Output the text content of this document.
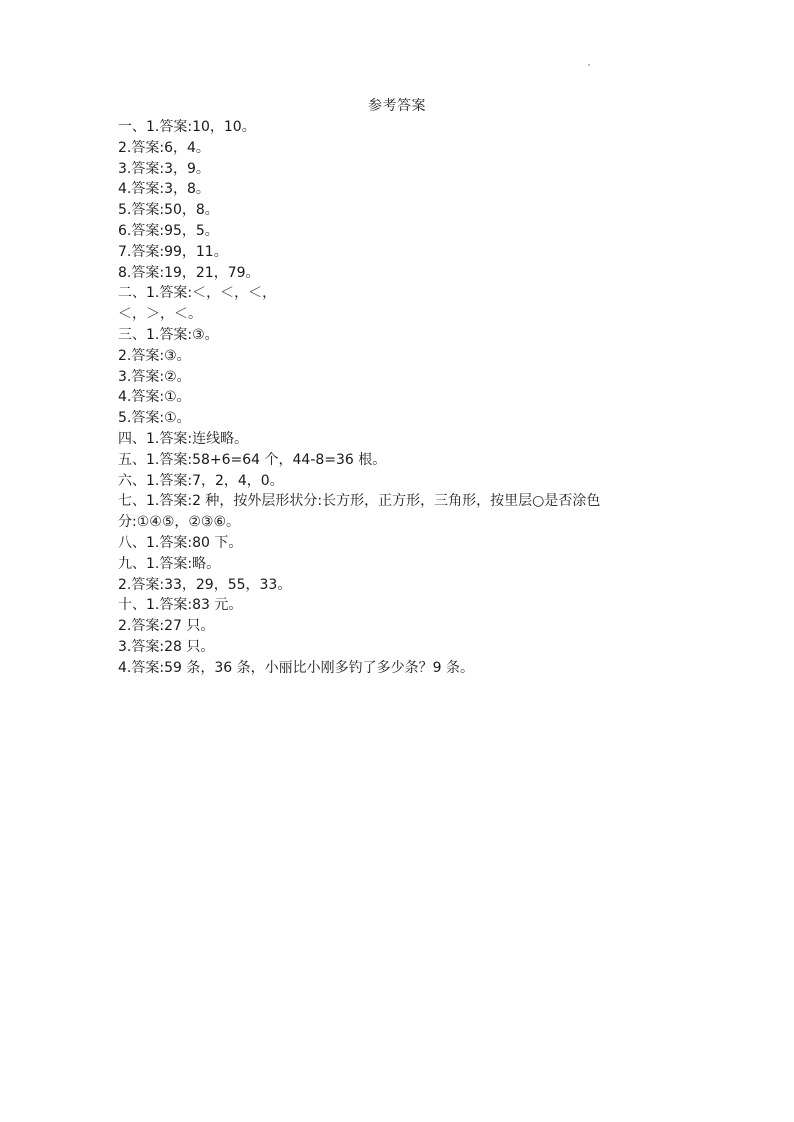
参考答案
一、1.答案:10，10。
2.答案:6，4。
3.答案:3，9。
4.答案:3，8。
5.答案:50，8。
6.答案:95，5。
7.答案:99，11。
8.答案:19，21，79。
二、1.答案:＜，＜，＜，
＜，＞，＜。
三、1.答案:③。
2.答案:③。
3.答案:②。
4.答案:①。
5.答案:①。
四、1.答案:连线略。
五、1.答案:58+6=64 个，44-8=36 根。
六、1.答案:7，2，4，0。
七、1.答案:2 种，按外层形状分:长方形，正方形，三角形，按里层○是否涂色
分:①④⑤，②③⑥。
八、1.答案:80 下。
九、1.答案:略。
2.答案:33，29，55，33。
十、1.答案:83 元。
2.答案:27 只。
3.答案:28 只。
4.答案:59 条，36 条，小丽比小刚多钓了多少条？9 条。
